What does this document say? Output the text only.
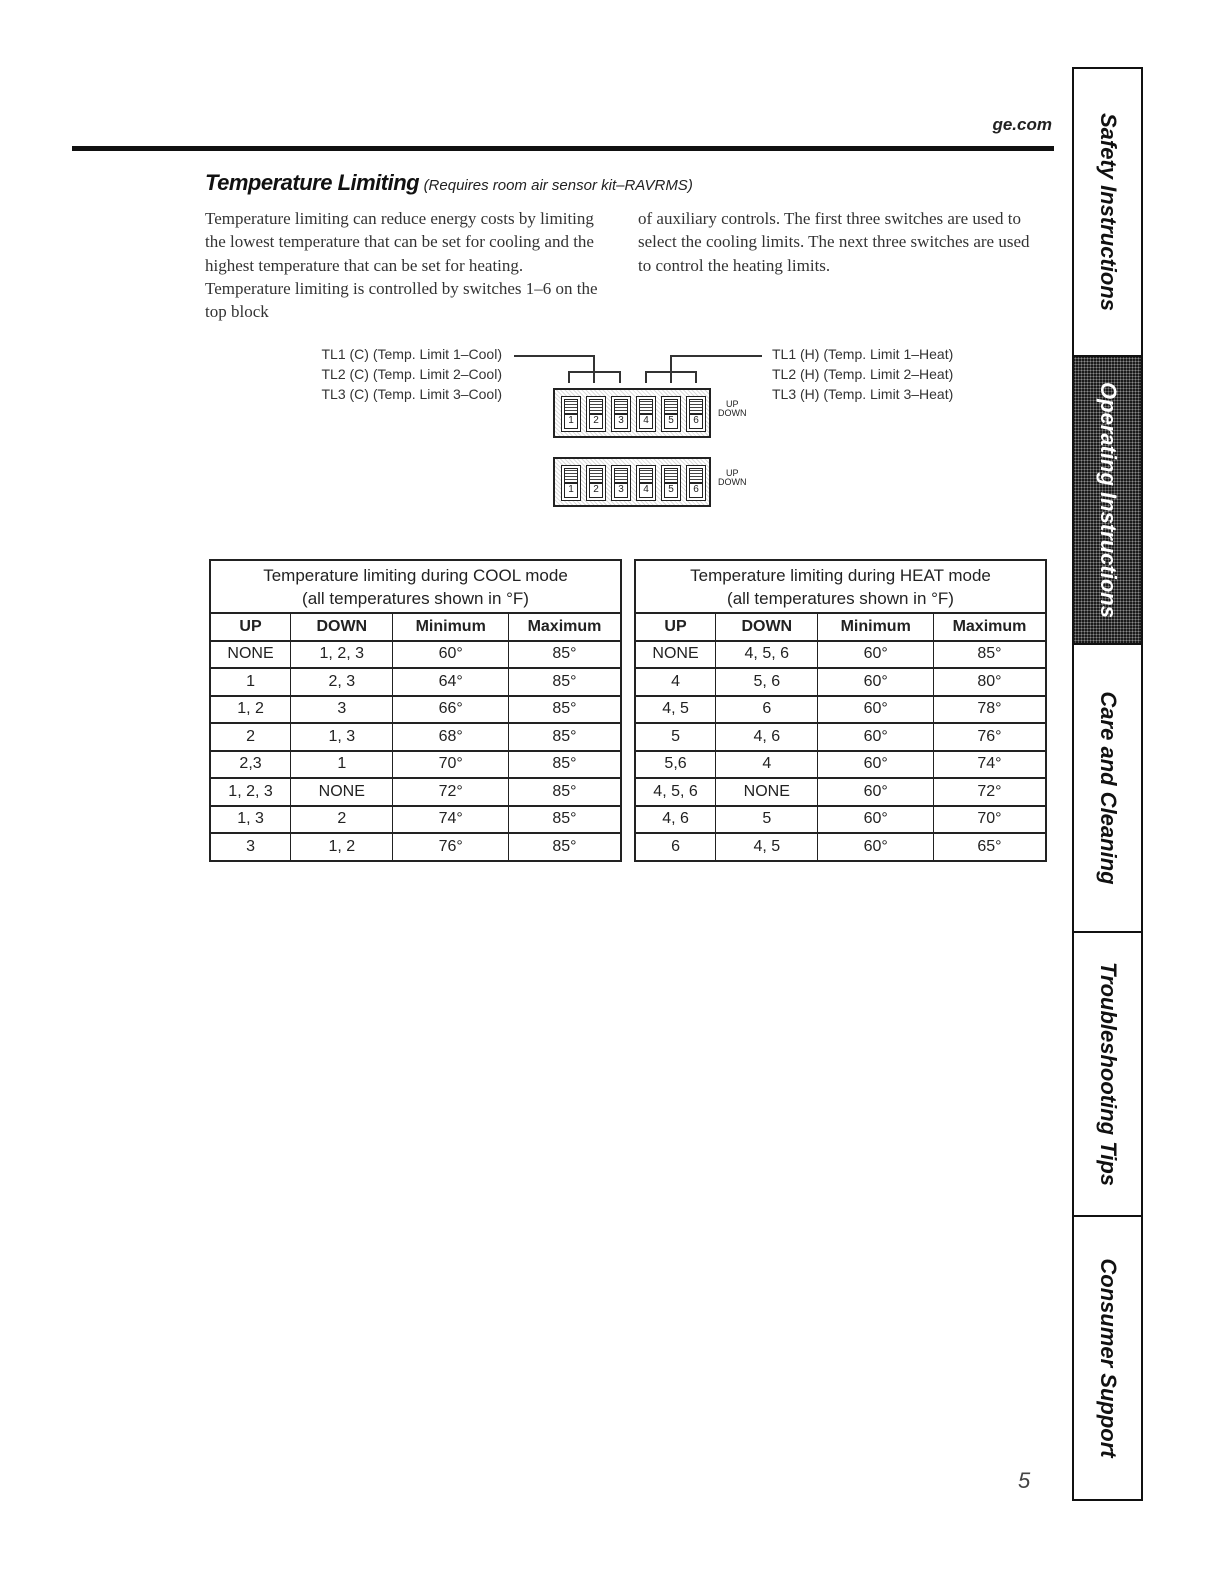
ge.com
Temperature Limiting (Requires room air sensor kit–RAVRMS)
Temperature limiting can reduce energy costs by limiting the lowest temperature that can be set for cooling and the highest temperature that can be set for heating. Temperature limiting is controlled by switches 1–6 on the top block
of auxiliary controls. The first three switches are used to select the cooling limits. The next three switches are used to control the heating limits.
TL1 (C) (Temp. Limit 1–Cool)
TL2 (C) (Temp. Limit 2–Cool)
TL3 (C) (Temp. Limit 3–Cool)
TL1 (H) (Temp. Limit 1–Heat)
TL2 (H) (Temp. Limit 2–Heat)
TL3 (H) (Temp. Limit 3–Heat)
1	2	3	4	5	6
UP
DOWN
1	2	3	4	5	6
UP
DOWN
Temperature limiting during COOL mode
(all temperatures shown in °F)			

UP	DOWN	Minimum	Maximum
NONE	1, 2, 3	60°	85°
1	2, 3	64°	85°
1, 2	3	66°	85°
2	1, 3	68°	85°
2,3	1	70°	85°
1, 2, 3	NONE	72°	85°
1, 3	2	74°	85°
3	1, 2	76°	85°
Temperature limiting during HEAT mode
(all temperatures shown in °F)			

UP	DOWN	Minimum	Maximum
NONE	4, 5, 6	60°	85°
4	5, 6	60°	80°
4, 5	6	60°	78°
5	4, 6	60°	76°
5,6	4	60°	74°
4, 5, 6	NONE	60°	72°
4, 6	5	60°	70°
6	4, 5	60°	65°
Safety Instructions
Operating Instructions
Care and Cleaning
Troubleshooting Tips
Consumer Support
5
